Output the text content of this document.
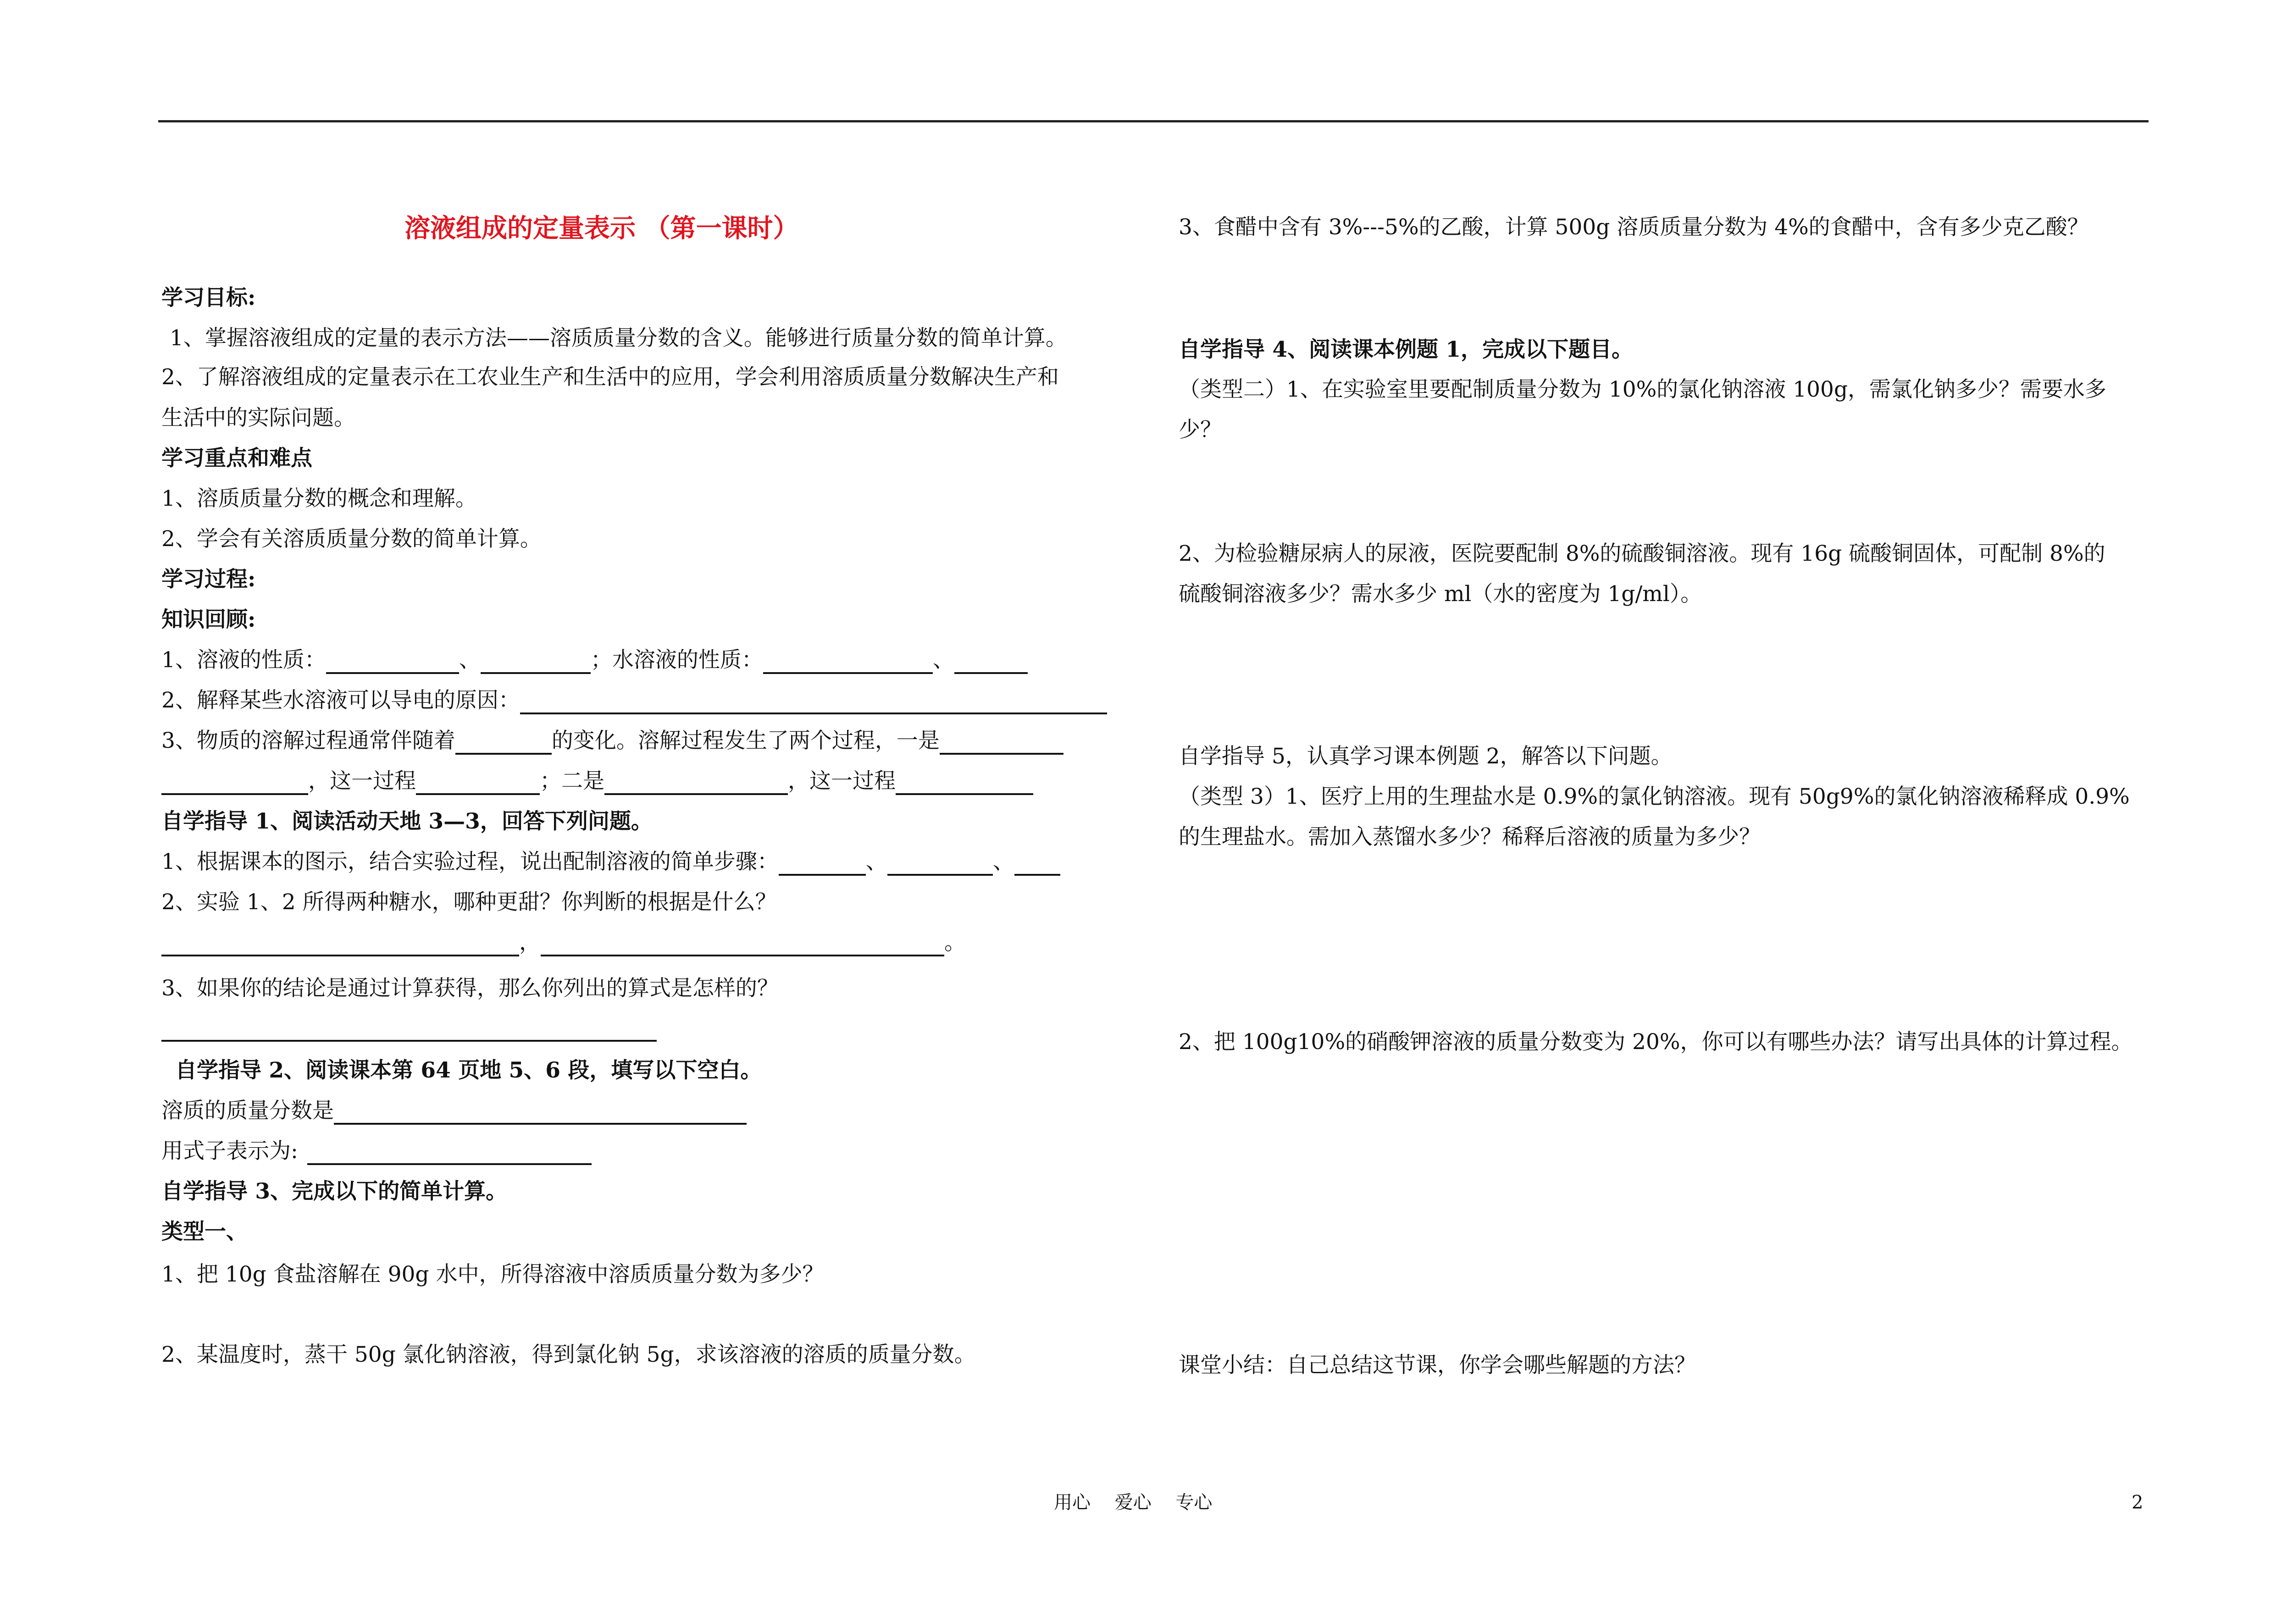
溶液组成的定量表示 （第一课时）
学习目标:
1、掌握溶液组成的定量的表示方法——溶质质量分数的含义。能够进行质量分数的简单计算。
2、了解溶液组成的定量表示在工农业生产和生活中的应用，学会利用溶质质量分数解决生产和
生活中的实际问题。
学习重点和难点
1、溶质质量分数的概念和理解。
2、学会有关溶质质量分数的简单计算。
学习过程:
知识回顾:
1、溶液的性质：	、	；水溶液的性质：	、
2、解释某些水溶液可以导电的原因：
3、物质的溶解过程通常伴随着	的变化。溶解过程发生了两个过程，一是
，这一过程	；二是	，这一过程
自学指导 1、阅读活动天地 3—3，回答下列问题。
1、根据课本的图示，结合实验过程，说出配制溶液的简单步骤：	、	、
2、实验 1、2 所得两种糖水，哪种更甜？你判断的根据是什么？
，	。
3、如果你的结论是通过计算获得，那么你列出的算式是怎样的？
自学指导 2、阅读课本第 64 页地 5、6 段，填写以下空白。
溶质的质量分数是
用式子表示为:
自学指导 3、完成以下的简单计算。
类型一、
1、把 10g 食盐溶解在 90g 水中，所得溶液中溶质质量分数为多少？
2、某温度时，蒸干 50g 氯化钠溶液，得到氯化钠 5g，求该溶液的溶质的质量分数。
3、食醋中含有 3%---5%的乙酸，计算 500g 溶质质量分数为 4%的食醋中，含有多少克乙酸？
自学指导 4、阅读课本例题 1，完成以下题目。
（类型二）1、在实验室里要配制质量分数为 10%的氯化钠溶液 100g，需氯化钠多少？需要水多
少？
2、为检验糖尿病人的尿液，医院要配制 8%的硫酸铜溶液。现有 16g 硫酸铜固体，可配制 8%的
硫酸铜溶液多少？需水多少 ml（水的密度为 1g/ml）。
自学指导 5，认真学习课本例题 2，解答以下问题。
（类型 3）1、医疗上用的生理盐水是 0.9%的氯化钠溶液。现有 50g9%的氯化钠溶液稀释成 0.9%
的生理盐水。需加入蒸馏水多少？稀释后溶液的质量为多少？
2、把 100g10%的硝酸钾溶液的质量分数变为 20%，你可以有哪些办法？请写出具体的计算过程。
课堂小结：自己总结这节课，你学会哪些解题的方法？
用心　 爱心　 专心	2
